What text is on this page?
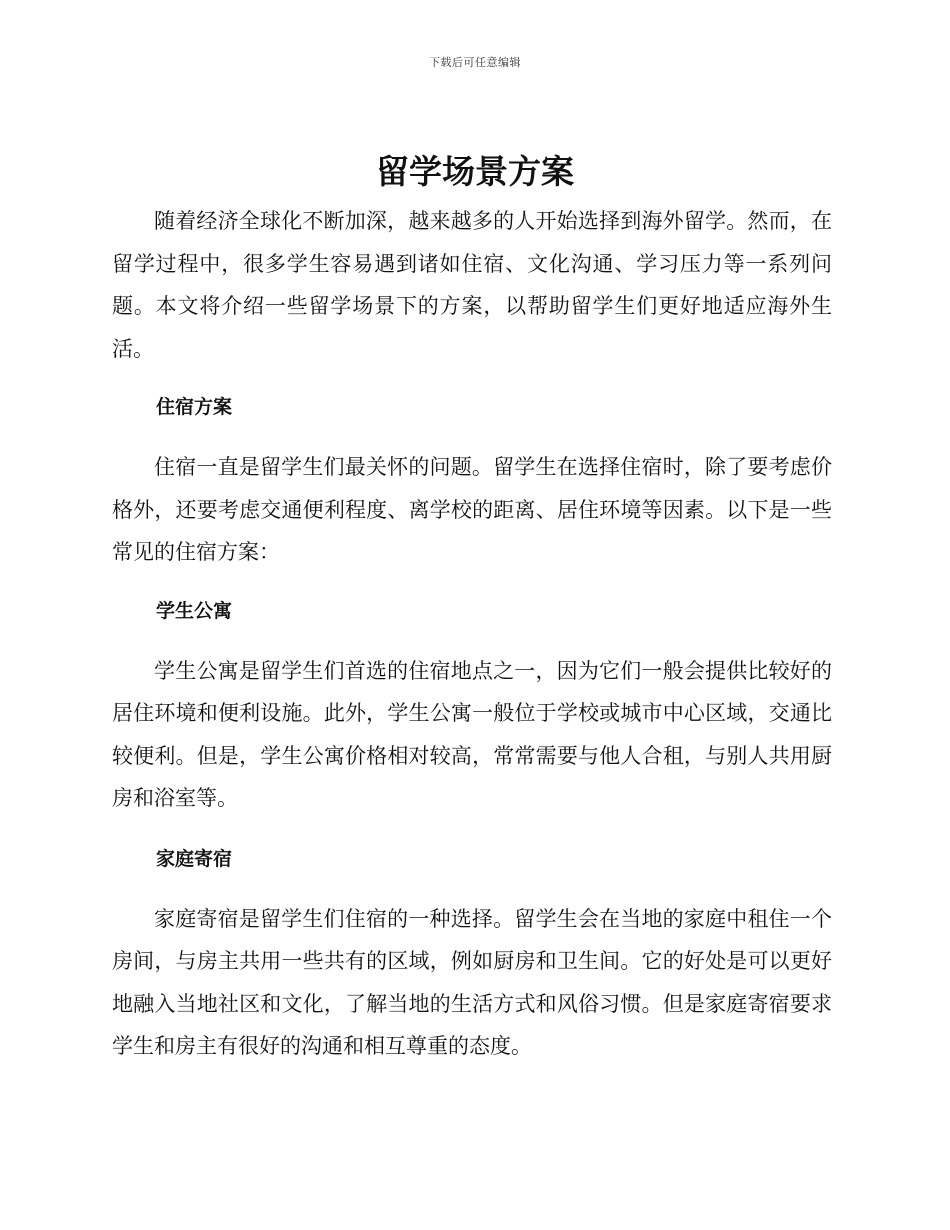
下载后可任意编辑
留学场景方案

随着经济全球化不断加深，越来越多的人开始选择到海外留学。然而，在留学过程中，很多学生容易遇到诸如住宿、文化沟通、学习压力等一系列问题。本文将介绍一些留学场景下的方案，以帮助留学生们更好地适应海外生活。

住宿方案

住宿一直是留学生们最关怀的问题。留学生在选择住宿时，除了要考虑价格外，还要考虑交通便利程度、离学校的距离、居住环境等因素。以下是一些常见的住宿方案：

学生公寓

学生公寓是留学生们首选的住宿地点之一，因为它们一般会提供比较好的居住环境和便利设施。此外，学生公寓一般位于学校或城市中心区域，交通比较便利。但是，学生公寓价格相对较高，常常需要与他人合租，与别人共用厨房和浴室等。

家庭寄宿

家庭寄宿是留学生们住宿的一种选择。留学生会在当地的家庭中租住一个房间，与房主共用一些共有的区域，例如厨房和卫生间。它的好处是可以更好地融入当地社区和文化，了解当地的生活方式和风俗习惯。但是家庭寄宿要求学生和房主有很好的沟通和相互尊重的态度。
